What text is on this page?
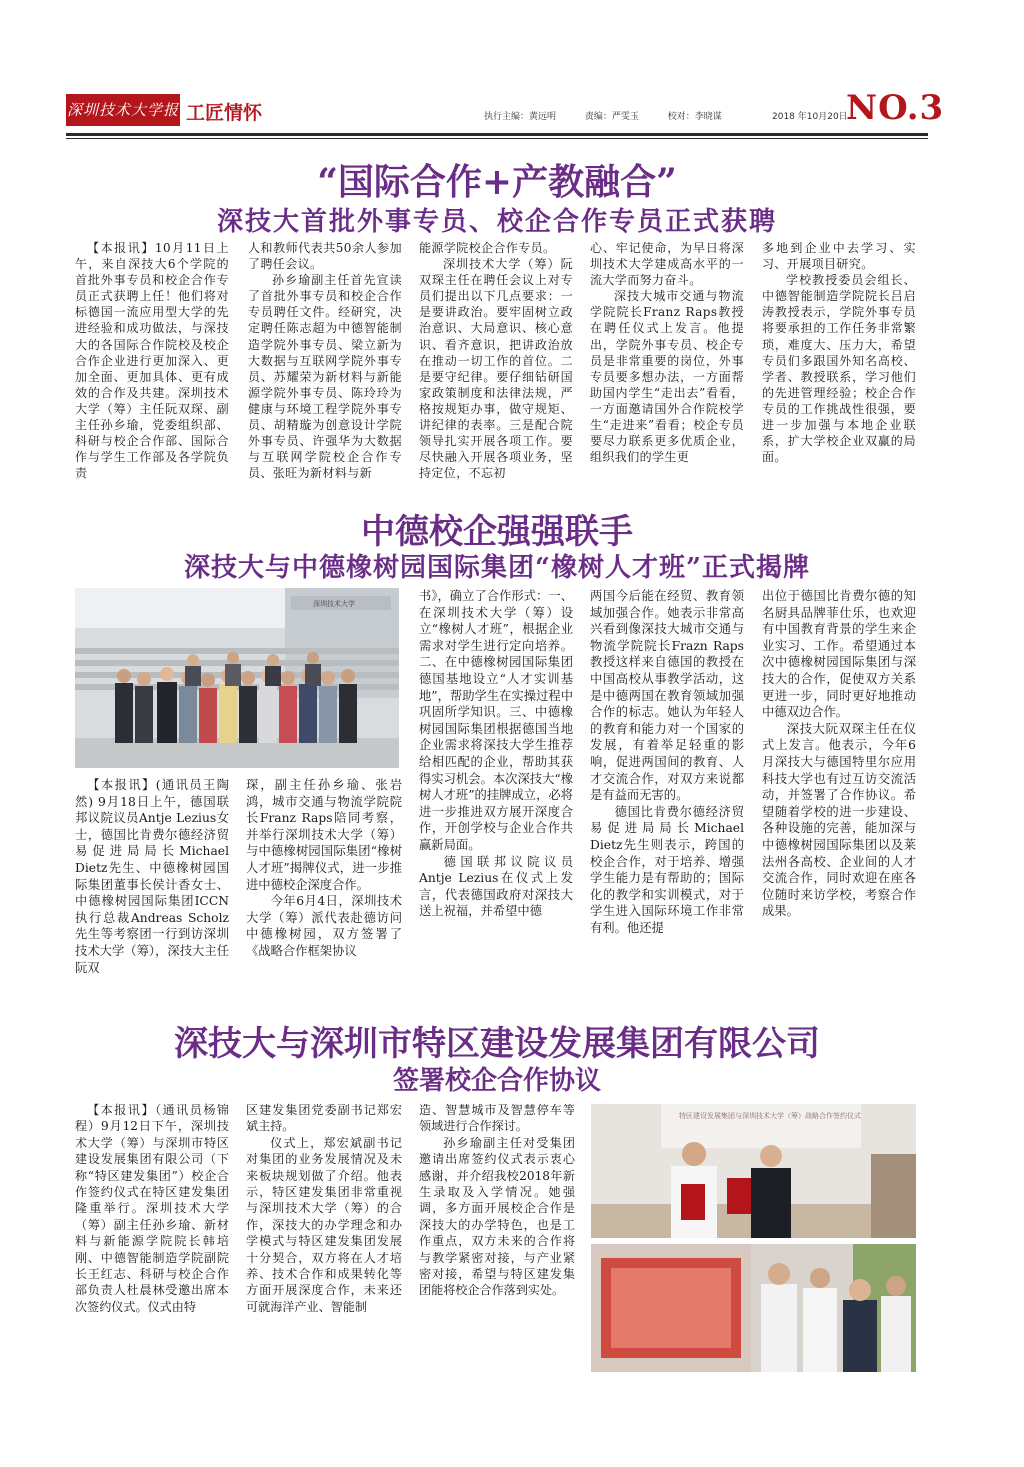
深圳技术大学报 工匠情怀	执行主编：黄远明	责编：严雯玉	校对：李晓谋	2018 年10月20日
NO.3
“国际合作+产教融合”
深技大首批外事专员、校企合作专员正式获聘

【本报讯】10月11日上午，来自深技大6个学院的首批外事专员和校企合作专员正式获聘上任！他们将对标德国一流应用型大学的先进经验和成功做法，与深技大的各国际合作院校及校企合作企业进行更加深入、更加全面、更加具体、更有成效的合作及共建。深圳技术大学（筹）主任阮双琛、副主任孙乡瑜，党委组织部、科研与校企合作部、国际合作与学生工作部及各学院负责

人和教师代表共50余人参加了聘任会议。

孙乡瑜副主任首先宣读了首批外事专员和校企合作专员聘任文件。经研究，决定聘任陈志超为中德智能制造学院外事专员、梁立新为大数据与互联网学院外事专员、苏耀荣为新材料与新能源学院外事专员、陈玲玲为健康与环境工程学院外事专员、胡精璇为创意设计学院外事专员、许强华为大数据与互联网学院校企合作专员、张旺为新材料与新

能源学院校企合作专员。

深圳技术大学（筹）阮双琛主任在聘任会议上对专员们提出以下几点要求：一是要讲政治。要牢固树立政治意识、大局意识、核心意识、看齐意识，把讲政治放在推动一切工作的首位。二是要守纪律。要仔细钻研国家政策制度和法律法规，严格按规矩办事，做守规矩、讲纪律的表率。三是配合院领导扎实开展各项工作。要尽快融入开展各项业务，坚持定位，不忘初

心、牢记使命，为早日将深圳技术大学建成高水平的一流大学而努力奋斗。

深技大城市交通与物流学院院长Franz Raps教授在聘任仪式上发言。他提出，学院外事专员、校企专员是非常重要的岗位，外事专员要多想办法，一方面帮助国内学生“走出去”看看，一方面邀请国外合作院校学生“走进来”看看；校企专员要尽力联系更多优质企业，组织我们的学生更

多地到企业中去学习、实习、开展项目研究。

学校教授委员会组长、中德智能制造学院院长吕启涛教授表示，学院外事专员将要承担的工作任务非常繁琐，难度大、压力大，希望专员们多跟国外知名高校、学者、教授联系，学习他们的先进管理经验；校企合作专员的工作挑战性很强，要进一步加强与本地企业联系，扩大学校企业双赢的局面。

中德校企强强联手
深技大与中德橡树园国际集团“橡树人才班”正式揭牌
深圳技术大学

【本报讯】(通讯员王陶然) 9月18日上午，德国联邦议院议员Antje Lezius女士，德国比肯费尔德经济贸易促进局局长Michael Dietz先生、中德橡树园国际集团董事长侯计香女士、中德橡树园国际集团ICCN执行总裁Andreas Scholz先生等考察团一行到访深圳技术大学（筹），深技大主任阮双

琛，副主任孙乡瑜、张岩鸿，城市交通与物流学院院长Franz Raps陪同考察，并举行深圳技术大学（筹）与中德橡树园国际集团“橡树人才班”揭牌仪式，进一步推进中德校企深度合作。

今年6月4日，深圳技术大学（筹）派代表赴德访问中德橡树园，双方签署了《战略合作框架协议

书》，确立了合作形式：一、在深圳技术大学（筹）设立“橡树人才班”，根据企业需求对学生进行定向培养。二、在中德橡树园国际集团德国基地设立“人才实训基地”，帮助学生在实操过程中巩固所学知识。三、中德橡树园国际集团根据德国当地企业需求将深技大学生推荐给相匹配的企业，帮助其获得实习机会。本次深技大“橡树人才班”的挂牌成立，必将进一步推进双方展开深度合作，开创学校与企业合作共赢新局面。

德国联邦议院议员Antje Lezius在仪式上发言，代表德国政府对深技大送上祝福，并希望中德

两国今后能在经贸、教育领域加强合作。她表示非常高兴看到像深技大城市交通与物流学院院长Frazn Raps教授这样来自德国的教授在中国高校从事教学活动，这是中德两国在教育领域加强合作的标志。她认为年轻人的教育和能力对一个国家的发展，有着举足轻重的影响，促进两国间的教育、人才交流合作，对双方来说都是有益而无害的。

德国比肯费尔德经济贸易促进局局长Michael Dietz先生则表示，跨国的校企合作，对于培养、增强学生能力是有帮助的；国际化的教学和实训模式，对于学生进入国际环境工作非常有利。他还提

出位于德国比肯费尔德的知名厨具品牌菲仕乐，也欢迎有中国教育背景的学生来企业实习、工作。希望通过本次中德橡树园国际集团与深技大的合作，促使双方关系更进一步，同时更好地推动中德双边合作。

深技大阮双琛主任在仪式上发言。他表示，今年6月深技大与德国特里尔应用科技大学也有过互访交流活动，并签署了合作协议。希望随着学校的进一步建设、各种设施的完善，能加深与中德橡树园国际集团以及莱法州各高校、企业间的人才交流合作，同时欢迎在座各位随时来访学校，考察合作成果。

深技大与深圳市特区建设发展集团有限公司
签署校企合作协议

【本报讯】（通讯员杨锦程）9月12日下午，深圳技术大学（筹）与深圳市特区建设发展集团有限公司（下称“特区建发集团”）校企合作签约仪式在特区建发集团隆重举行。深圳技术大学（筹）副主任孙乡瑜、新材料与新能源学院院长韩培刚、中德智能制造学院副院长王红志、科研与校企合作部负责人杜晨林受邀出席本次签约仪式。仪式由特

区建发集团党委副书记郑宏斌主持。

仪式上，郑宏斌副书记对集团的业务发展情况及未来板块规划做了介绍。他表示，特区建发集团非常重视与深圳技术大学（筹）的合作，深技大的办学理念和办学模式与特区建发集团发展十分契合，双方将在人才培养、技术合作和成果转化等方面开展深度合作，未来还可就海洋产业、智能制

造、智慧城市及智慧停车等领域进行合作探讨。

孙乡瑜副主任对受集团邀请出席签约仪式表示衷心感谢，并介绍我校2018年新生录取及入学情况。她强调，多方面开展校企合作是深技大的办学特色，也是工作重点，双方未来的合作将与教学紧密对接，与产业紧密对接，希望与特区建发集团能将校企合作落到实处。

特区建设发展集团与深圳技术大学（筹）战略合作签约仪式
